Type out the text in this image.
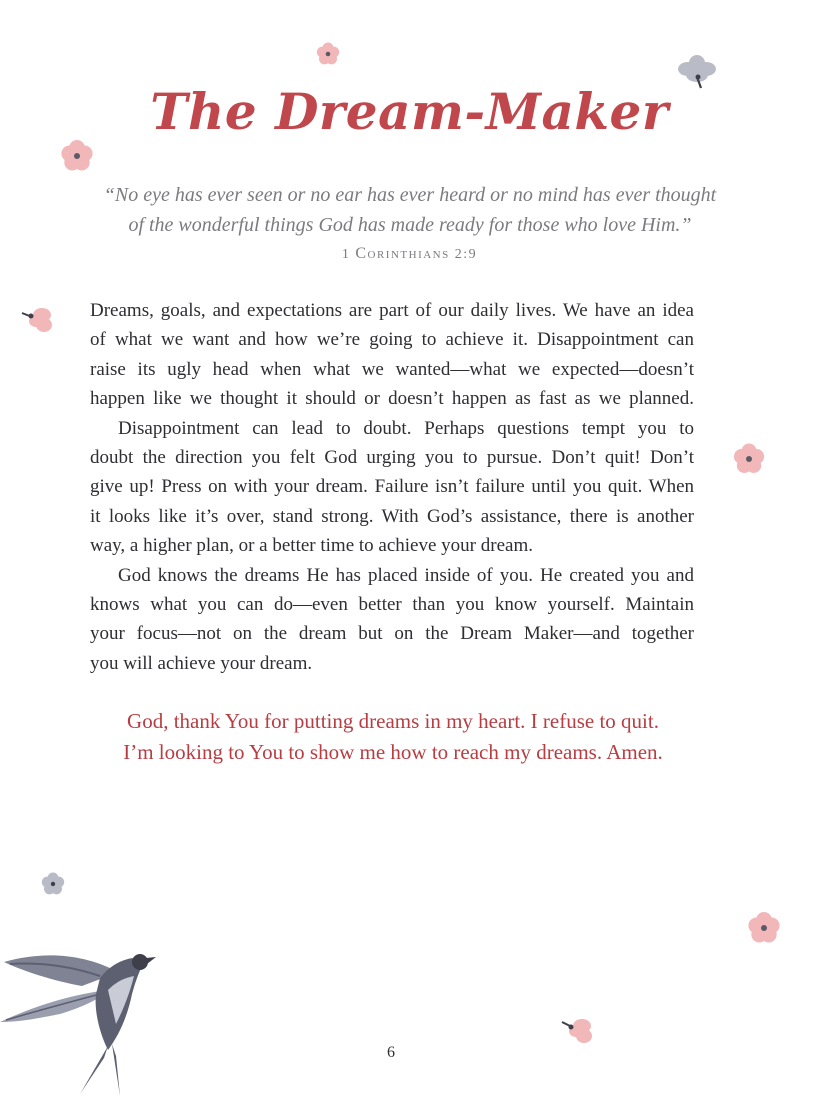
The Dream-Maker

“No eye has ever seen or no ear has ever heard or no mind has ever thought

of the wonderful things God has made ready for those who love Him.”

1 Corinthians 2:9
Dreams, goals, and expectations are part of our daily lives. We have an idea
of what we want and how we’re going to achieve it. Disappointment can
raise its ugly head when what we wanted—what we expected—doesn’t
happen like we thought it should or doesn’t happen as fast as we planned.
Disappointment can lead to doubt. Perhaps questions tempt you to
doubt the direction you felt God urging you to pursue. Don’t quit! Don’t
give up! Press on with your dream. Failure isn’t failure until you quit. When
it looks like it’s over, stand strong. With God’s assistance, there is another
way, a higher plan, or a better time to achieve your dream.
God knows the dreams He has placed inside of you. He created you and
knows what you can do—even better than you know yourself. Maintain
your focus—not on the dream but on the Dream Maker—and together
you will achieve your dream.
God, thank You for putting dreams in my heart. I refuse to quit.
I’m looking to You to show me how to reach my dreams. Amen.
6
